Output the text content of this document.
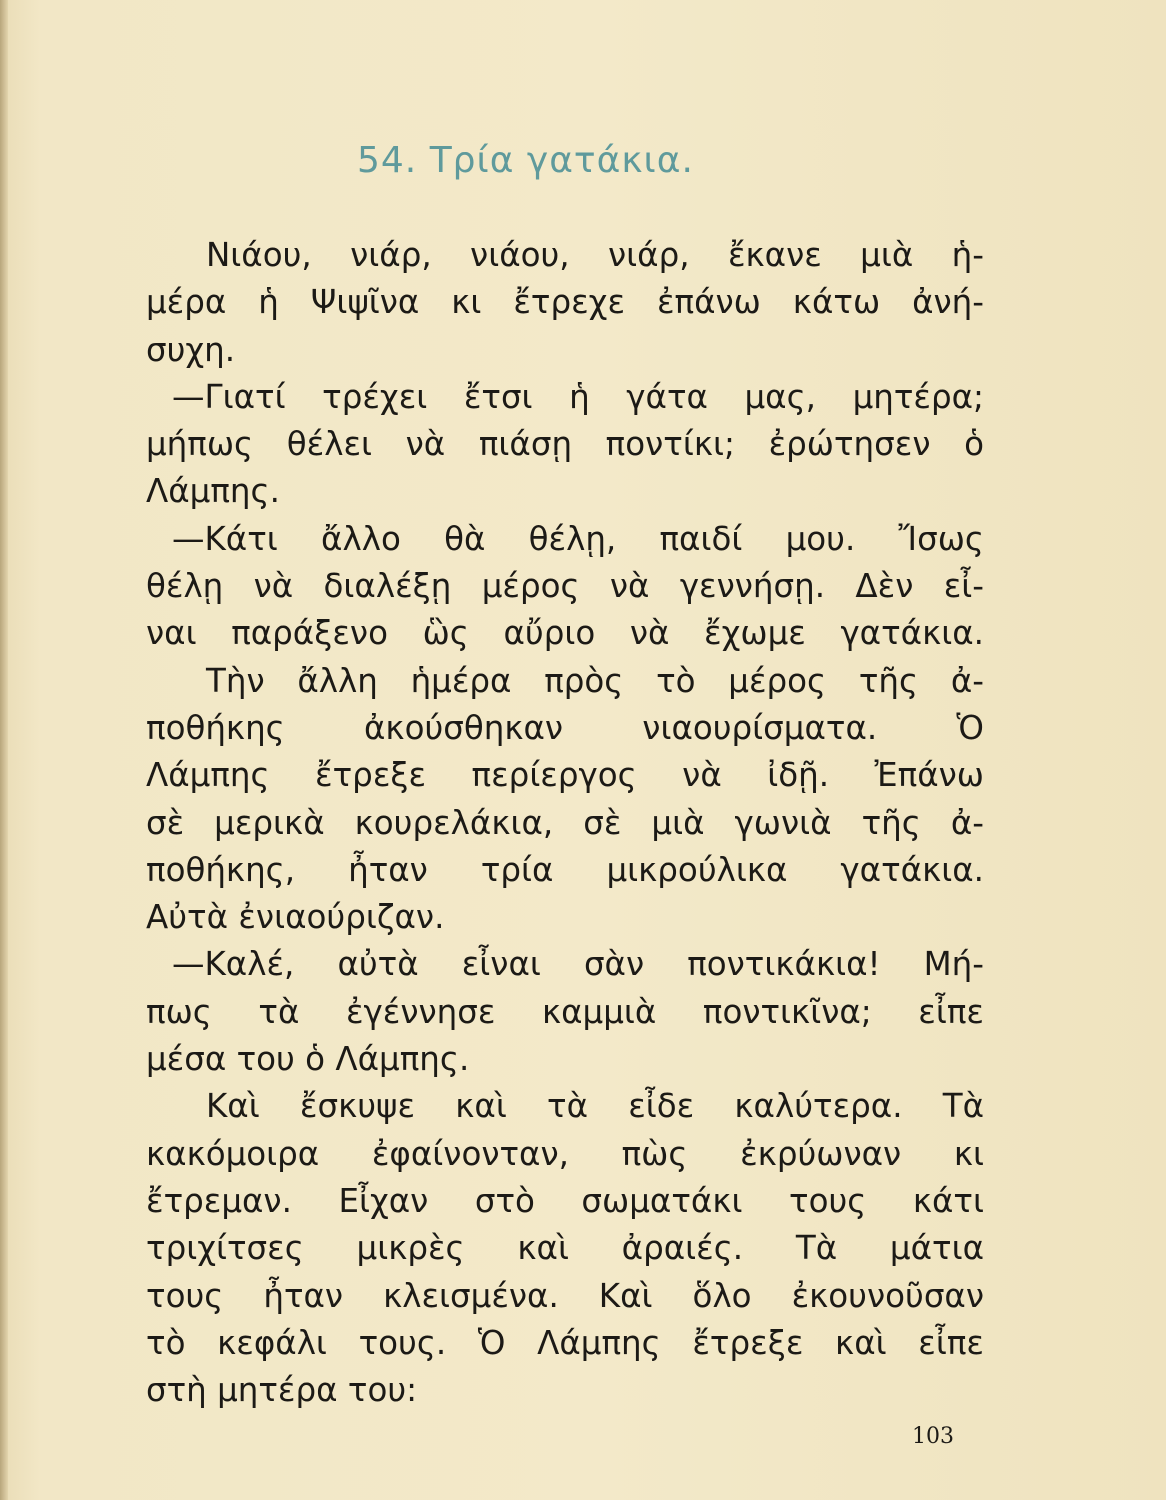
54. Τρία γατάκια.
Νιάου, νιάρ, νιάου, νιάρ, ἔκανε μιὰ ἡ-
μέρα ἡ Ψιψῖνα κι ἔτρεχε ἐπάνω κάτω ἀνή-
συχη.
—Γιατί τρέχει ἔτσι ἡ γάτα μας, μητέρα;
μήπως θέλει νὰ πιάσῃ ποντίκι; ἐρώτησεν ὁ
Λάμπης.
—Κάτι ἄλλο θὰ θέλῃ, παιδί μου. Ἴσως
θέλῃ νὰ διαλέξῃ μέρος νὰ γεννήσῃ. Δὲν εἶ-
ναι παράξενο ὣς αὔριο νὰ ἔχωμε γατάκια.
Τὴν ἄλλη ἡμέρα πρὸς τὸ μέρος τῆς ἀ-
ποθήκης ἀκούσθηκαν νιαουρίσματα. Ὁ
Λάμπης ἔτρεξε περίεργος νὰ ἰδῇ. Ἐπάνω
σὲ μερικὰ κουρελάκια, σὲ μιὰ γωνιὰ τῆς ἀ-
ποθήκης, ἦταν τρία μικρούλικα γατάκια.
Αὐτὰ ἐνιαούριζαν.
—Καλέ, αὐτὰ εἶναι σὰν ποντικάκια! Μή-
πως τὰ ἐγέννησε καμμιὰ ποντικῖνα; εἶπε
μέσα του ὁ Λάμπης.
Καὶ ἔσκυψε καὶ τὰ εἶδε καλύτερα. Τὰ
κακόμοιρα ἐφαίνονταν, πὼς ἐκρύωναν κι
ἔτρεμαν. Εἶχαν στὸ σωματάκι τους κάτι
τριχίτσες μικρὲς καὶ ἀραιές. Τὰ μάτια
τους ἦταν κλεισμένα. Καὶ ὅλο ἐκουνοῦσαν
τὸ κεφάλι τους. Ὁ Λάμπης ἔτρεξε καὶ εἶπε
στὴ μητέρα του:
103
